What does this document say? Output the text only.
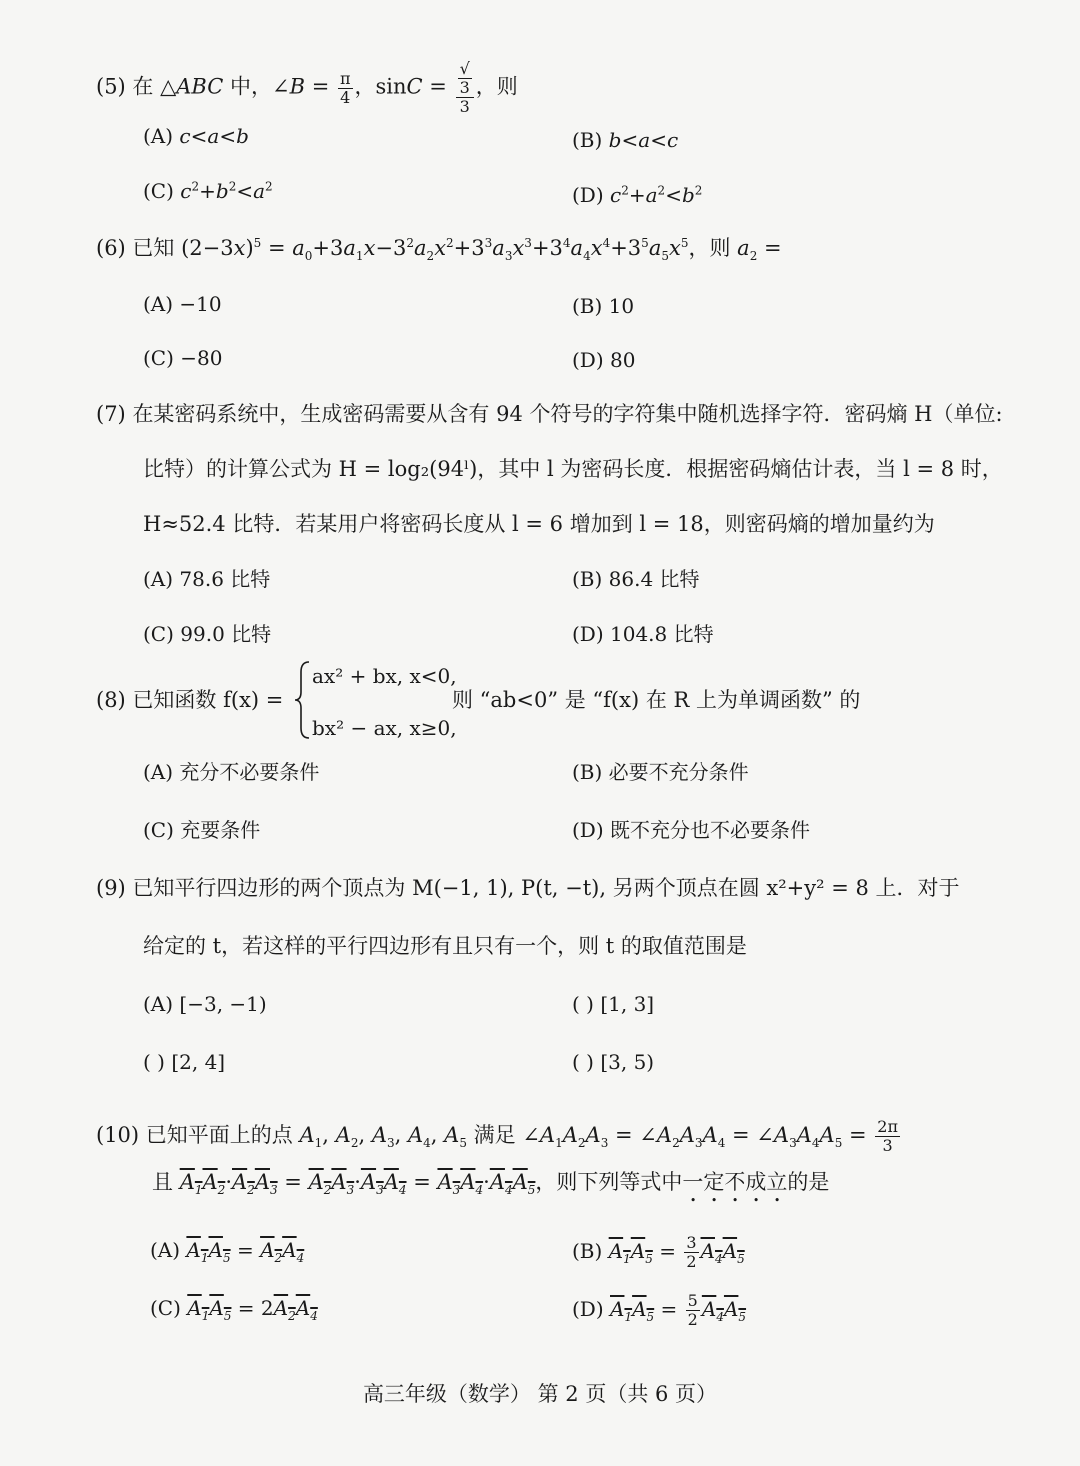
(5) 在 △ABC 中，∠B = $\frac{\pi}{4}$ ，sinC = √
3
3 ，则
(A) c<a<b	(B) b<a<c
(C) $c^2+b^2<a^2$	(D) $c^2+a^2<b^2$
(6) 已知 $(2-3x)^5 = a_0+3a_1x-3^2a_2x^2+3^3a_3x^3+3^4a_4x^4+3^5a_5x^5$，则 $a_2$ =
(A) −10	(B) 10
(C) −80	(D) 80
(7) 在某密码系统中，生成密码需要从含有 94 个符号的字符集中随机选择字符．密码熵 H（单位:
比特）的计算公式为 H = log₂(94ˡ)，其中 l 为密码长度．根据密码熵估计表，当 l = 8 时，
H≈52.4 比特．若某用户将密码长度从 l = 6 增加到 l = 18，则密码熵的增加量约为
(A) 78.6 比特	(B) 86.4 比特
(C) 99.0 比特	(D) 104.8 比特
(8) 已知函数 f(x) =
ax² + bx, x<0,
bx² − ax, x≥0,
则 “ab<0” 是 “f(x) 在 R 上为单调函数” 的
(A) 充分不必要条件	(B) 必要不充分条件
(C) 充要条件	(D) 既不充分也不必要条件
(9) 已知平行四边形的两个顶点为 M(−1, 1), P(t, −t), 另两个顶点在圆 x²+y² = 8 上．对于
给定的 t，若这样的平行四边形有且只有一个，则 t 的取值范围是
(A) [−3, −1)	( ) [1, 3]
( ) [2, 4]	( ) [3, 5)
(10) 已知平面上的点 $A_1$, $A_2$, $A_3$, $A_4$, $A_5$ 满足 $\angle A_1A_2A_3$ = $\angle A_2A_3A_4$ = $\angle A_3A_4A_5 = \frac{2\pi}{3}$
且 $A_1A_2\cdot A_2A_3 = A_2A_3\cdot A_3A_4 = A_3A_4\cdot A_4A_5$，则下列等式中一定不成立的是
(A) $A_1A_5 = A_2A_4$	(B) $A_1A_5 = \frac{3}{2} A_4A_5$
(C) $A_1A_5 = 2A_2A_4$	(D) $A_1A_5 = \frac{5}{2} A_4A_5$
高三年级（数学） 第 2 页（共 6 页）
